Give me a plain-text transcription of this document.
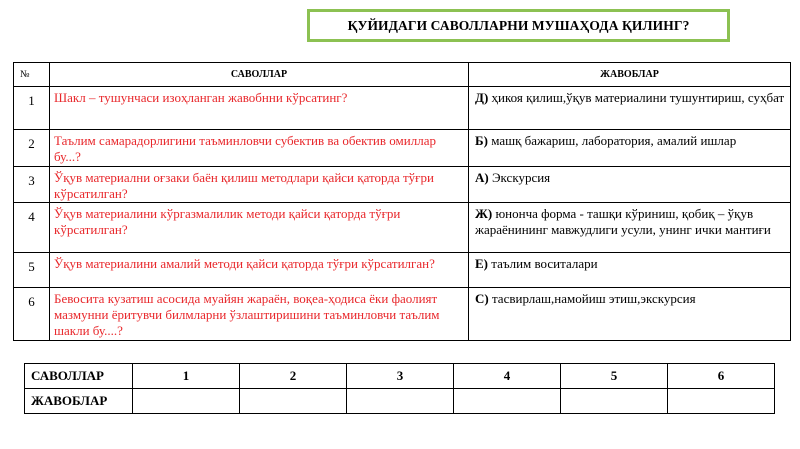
ҚУЙИДАГИ САВОЛЛАРНИ МУШАҲОДА ҚИЛИНГ?
№	САВОЛЛАР	ЖАВОБЛАР
1	Шакл – тушунчаси изоҳланган жавобнни кўрсатинг?	Д) ҳикоя қилиш,ўқув материалини тушунтириш, суҳбат
2	Таълим самарадорлигини таъминловчи субектив ва обектив омиллар бу...?	Б) машқ бажариш, лаборатория, амалий ишлар
3	Ўқув материални оғзаки баён қилиш методлари қайси қаторда тўғри кўрсатилган?	А) Экскурсия
4	Ўқув материалини кўргазмалилик методи қайси қаторда тўғри кўрсатилган?	Ж) юнонча форма - ташқи кўриниш, қобиқ – ўқув жараёнининг мавжудлиги усули, унинг ички мантиғи
5	Ўқув материалини амалий методи қайси қаторда тўғри кўрсатилган?	Е) таълим воситалари
6	Бевосита кузатиш асосида муайян жараён, воқеа-ҳодиса ёки фаолият мазмунни ёритувчи билмларни ўзлаштиришини таъминловчи таълим шакли бу....?	С) тасвирлаш,намойиш этиш,экскурсия
САВОЛЛАР	1	2	3	4	5	6
ЖАВОБЛАР						
